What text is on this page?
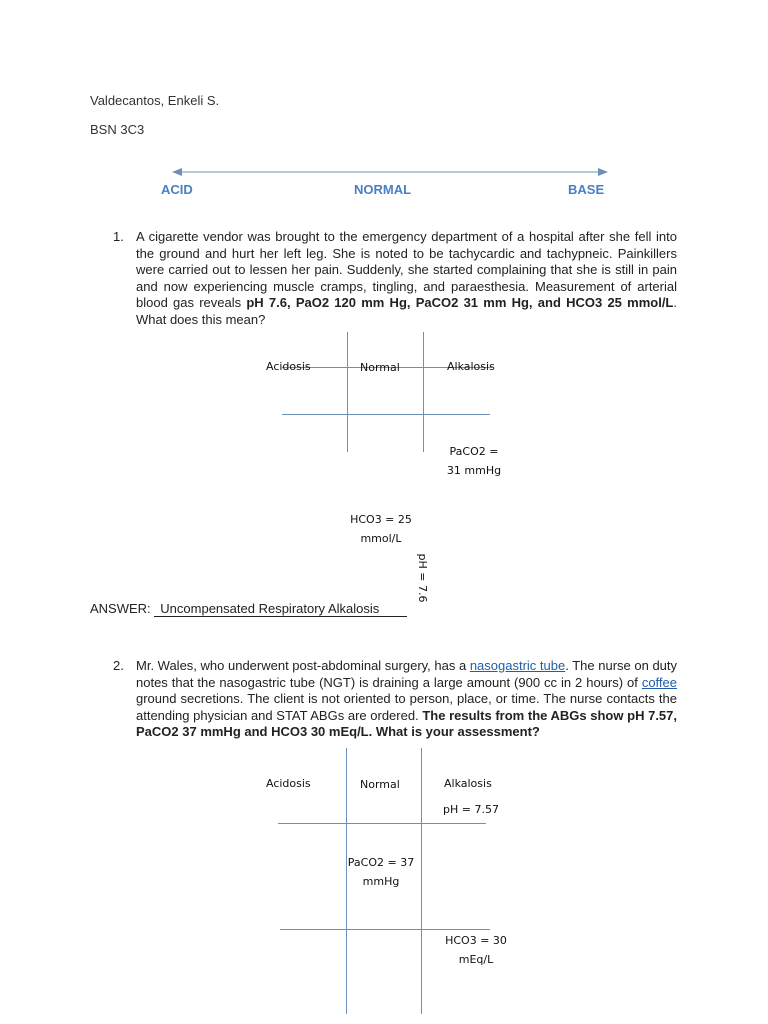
Valdecantos, Enkeli S.
BSN 3C3
ACID	NORMAL	BASE
1. A cigarette vendor was brought to the emergency department of a hospital after she fell into the ground and hurt her left leg. She is noted to be tachycardic and tachypneic. Painkillers were carried out to lessen her pain. Suddenly, she started complaining that she is still in pain and now experiencing muscle cramps, tingling, and paraesthesia. Measurement of arterial blood gas reveals pH 7.6, PaO2 120 mm Hg, PaCO2 31 mm Hg, and HCO3 25 mmol/L. What does this mean?
Acidosis	Normal	Alkalosis
PaCO2 =
31 mmHg
HCO3 = 25
mmol/L
pH = 7.6
ANSWER: Uncompensated Respiratory Alkalosis
2. Mr. Wales, who underwent post-abdominal surgery, has a nasogastric tube. The nurse on duty notes that the nasogastric tube (NGT) is draining a large amount (900 cc in 2 hours) of coffee ground secretions. The client is not oriented to person, place, or time. The nurse contacts the attending physician and STAT ABGs are ordered. The results from the ABGs show pH 7.57, PaCO2 37 mmHg and HCO3 30 mEq/L. What is your assessment?
Acidosis	Normal	Alkalosis
pH = 7.57
PaCO2 = 37
mmHg
HCO3 = 30
mEq/L
